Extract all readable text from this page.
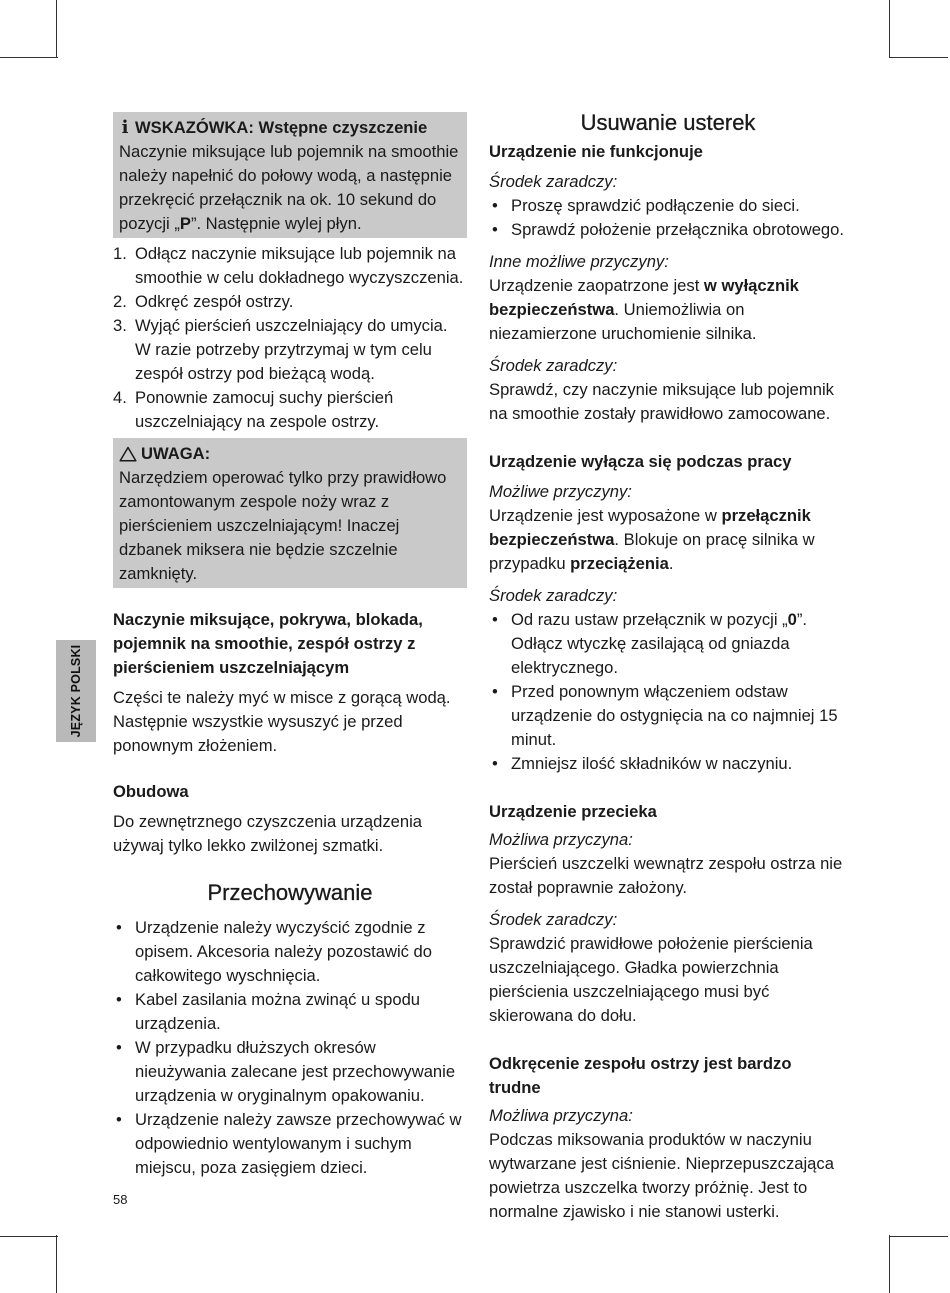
JĘZYK POLSKI
i WSKAZÓWKA: Wstępne czyszczenie

Naczynie miksujące lub pojemnik na smoothie należy napełnić do połowy wodą, a następnie przekręcić przełącznik na ok. 10 sekund do pozycji „P”. Następnie wylej płyn.

1. Odłącz naczynie miksujące lub pojemnik na smoothie w celu dokładnego wyczyszczenia.
2. Odkręć zespół ostrzy.
3. Wyjąć pierścień uszczelniający do umycia. W razie potrzeby przytrzymaj w tym celu zespół ostrzy pod bieżącą wodą.
4. Ponownie zamocuj suchy pierścień uszczelniający na zespole ostrzy.
UWAGA:

Narzędziem operować tylko przy prawidłowo zamontowanym zespole noży wraz z pierścieniem uszczelniającym! Inaczej dzbanek miksera nie będzie szczelnie zamknięty.

Naczynie miksujące, pokrywa, blokada, pojemnik na smoothie, zespół ostrzy z pierścieniem uszczelniającym

Części te należy myć w misce z gorącą wodą. Następnie wszystkie wysuszyć je przed ponownym złożeniem.

Obudowa

Do zewnętrznego czyszczenia urządzenia używaj tylko lekko zwilżonej szmatki.

Przechowywanie
• Urządzenie należy wyczyścić zgodnie z opisem. Akcesoria należy pozostawić do całkowitego wyschnięcia.
• Kabel zasilania można zwinąć u spodu urządzenia.
• W przypadku dłuższych okresów nieużywania zalecane jest przechowywanie urządzenia w oryginalnym opakowaniu.
• Urządzenie należy zawsze przechowywać w odpowiednio wentylowanym i suchym miejscu, poza zasięgiem dzieci.
Usuwanie usterek
Urządzenie nie funkcjonuje

Środek zaradczy:

• Proszę sprawdzić podłączenie do sieci.
• Sprawdź położenie przełącznika obrotowego.

Inne możliwe przyczyny:

Urządzenie zaopatrzone jest w wyłącznik bezpieczeństwa. Uniemożliwia on niezamierzone uruchomienie silnika.

Środek zaradczy:

Sprawdź, czy naczynie miksujące lub pojemnik na smoothie zostały prawidłowo zamocowane.

Urządzenie wyłącza się podczas pracy

Możliwe przyczyny:

Urządzenie jest wyposażone w przełącznik bezpieczeństwa. Blokuje on pracę silnika w przypadku przeciążenia.

Środek zaradczy:

• Od razu ustaw przełącznik w pozycji „0”. Odłącz wtyczkę zasilającą od gniazda elektrycznego.
• Przed ponownym włączeniem odstaw urządzenie do ostygnięcia na co najmniej 15 minut.
• Zmniejsz ilość składników w naczyniu.
Urządzenie przecieka

Możliwa przyczyna:

Pierścień uszczelki wewnątrz zespołu ostrza nie został poprawnie założony.

Środek zaradczy:

Sprawdzić prawidłowe położenie pierścienia uszczelniającego. Gładka powierzchnia pierścienia uszczelniającego musi być skierowana do dołu.

Odkręcenie zespołu ostrzy jest bardzo trudne

Możliwa przyczyna:

Podczas miksowania produktów w naczyniu wytwarzane jest ciśnienie. Nieprzepuszczająca powietrza uszczelka tworzy próżnię. Jest to normalne zjawisko i nie stanowi usterki.

58
